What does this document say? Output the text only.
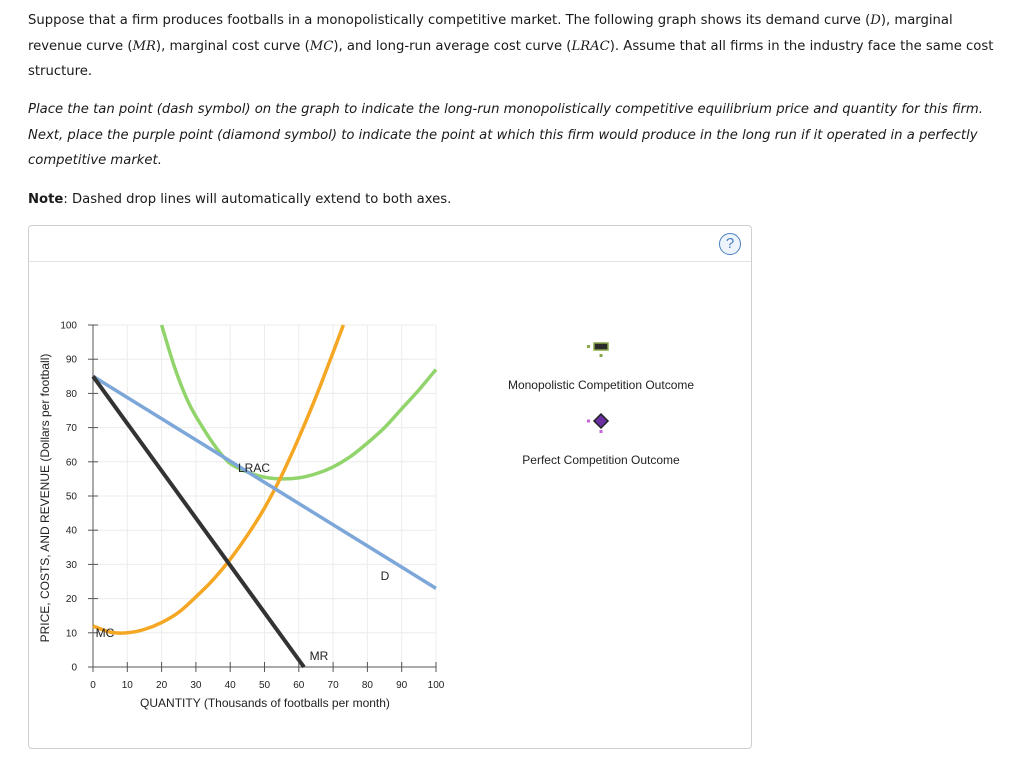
Suppose that a firm produces footballs in a monopolistically competitive market. The following graph shows its demand curve (D), marginal revenue curve (MR), marginal cost curve (MC), and long-run average cost curve (LRAC). Assume that all firms in the industry face the same cost structure.

Place the tan point (dash symbol) on the graph to indicate the long-run monopolistically competitive equilibrium price and quantity for this firm. Next, place the purple point (diamond symbol) to indicate the point at which this firm would produce in the long run if it operated in a perfectly competitive market.
Note: Dashed drop lines will automatically extend to both axes.
?
0	10 20 30 40 50 60 70 80 90 100
0
10
20
30
40
50
60
70
80
90
100
D
MR
MC
LRAC
QUANTITY (Thousands of footballs per month)
PRICE, COSTS, AND REVENUE (Dollars per football)	Monopolistic Competition Outcome
Perfect Competition Outcome
